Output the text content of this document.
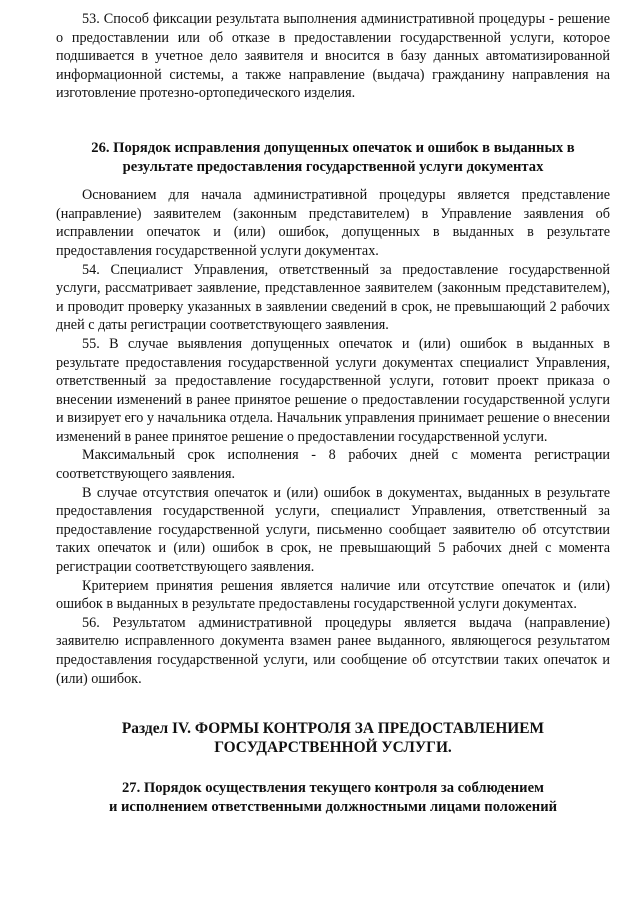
53. Способ фиксации результата выполнения административной процедуры - решение о предоставлении или об отказе в предоставлении государственной услуги, которое подшивается в учетное дело заявителя и вносится в базу данных автоматизированной информационной системы, а также направление (выдача) гражданину направления на изготовление протезно-ортопедического изделия.

26. Порядок исправления допущенных опечаток и ошибок в выданных в
результате предоставления государственной услуги документах

Основанием для начала административной процедуры является представление (направление) заявителем (законным представителем) в Управление заявления об исправлении опечаток и (или) ошибок, допущенных в выданных в результате предоставления государственной услуги документах.

54. Специалист Управления, ответственный за предоставление государственной услуги, рассматривает заявление, представленное заявителем (законным представителем), и проводит проверку указанных в заявлении сведений в срок, не превышающий 2 рабочих дней с даты регистрации соответствующего заявления.

55. В случае выявления допущенных опечаток и (или) ошибок в выданных в результате предоставления государственной услуги документах специалист Управления, ответственный за предоставление государственной услуги, готовит проект приказа о внесении изменений в ранее принятое решение о предоставлении государственной услуги и визирует его у начальника отдела. Начальник управления принимает решение о внесении изменений в ранее принятое решение о предоставлении государственной услуги.

Максимальный срок исполнения - 8 рабочих дней с момента регистрации соответствующего заявления.

В случае отсутствия опечаток и (или) ошибок в документах, выданных в результате предоставления государственной услуги, специалист Управления, ответственный за предоставление государственной услуги, письменно сообщает заявителю об отсутствии таких опечаток и (или) ошибок в срок, не превышающий 5 рабочих дней с момента регистрации соответствующего заявления.

Критерием принятия решения является наличие или отсутствие опечаток и (или) ошибок в выданных в результате предоставлены государственной услуги документах.

56. Результатом административной процедуры является выдача (направление) заявителю исправленного документа взамен ранее выданного, являющегося результатом предоставления государственной услуги, или сообщение об отсутствии таких опечаток и (или) ошибок.

Раздел IV. ФОРМЫ КОНТРОЛЯ ЗА ПРЕДОСТАВЛЕНИЕМ
ГОСУДАРСТВЕННОЙ УСЛУГИ.
27. Порядок осуществления текущего контроля за соблюдением
и исполнением ответственными должностными лицами положений
